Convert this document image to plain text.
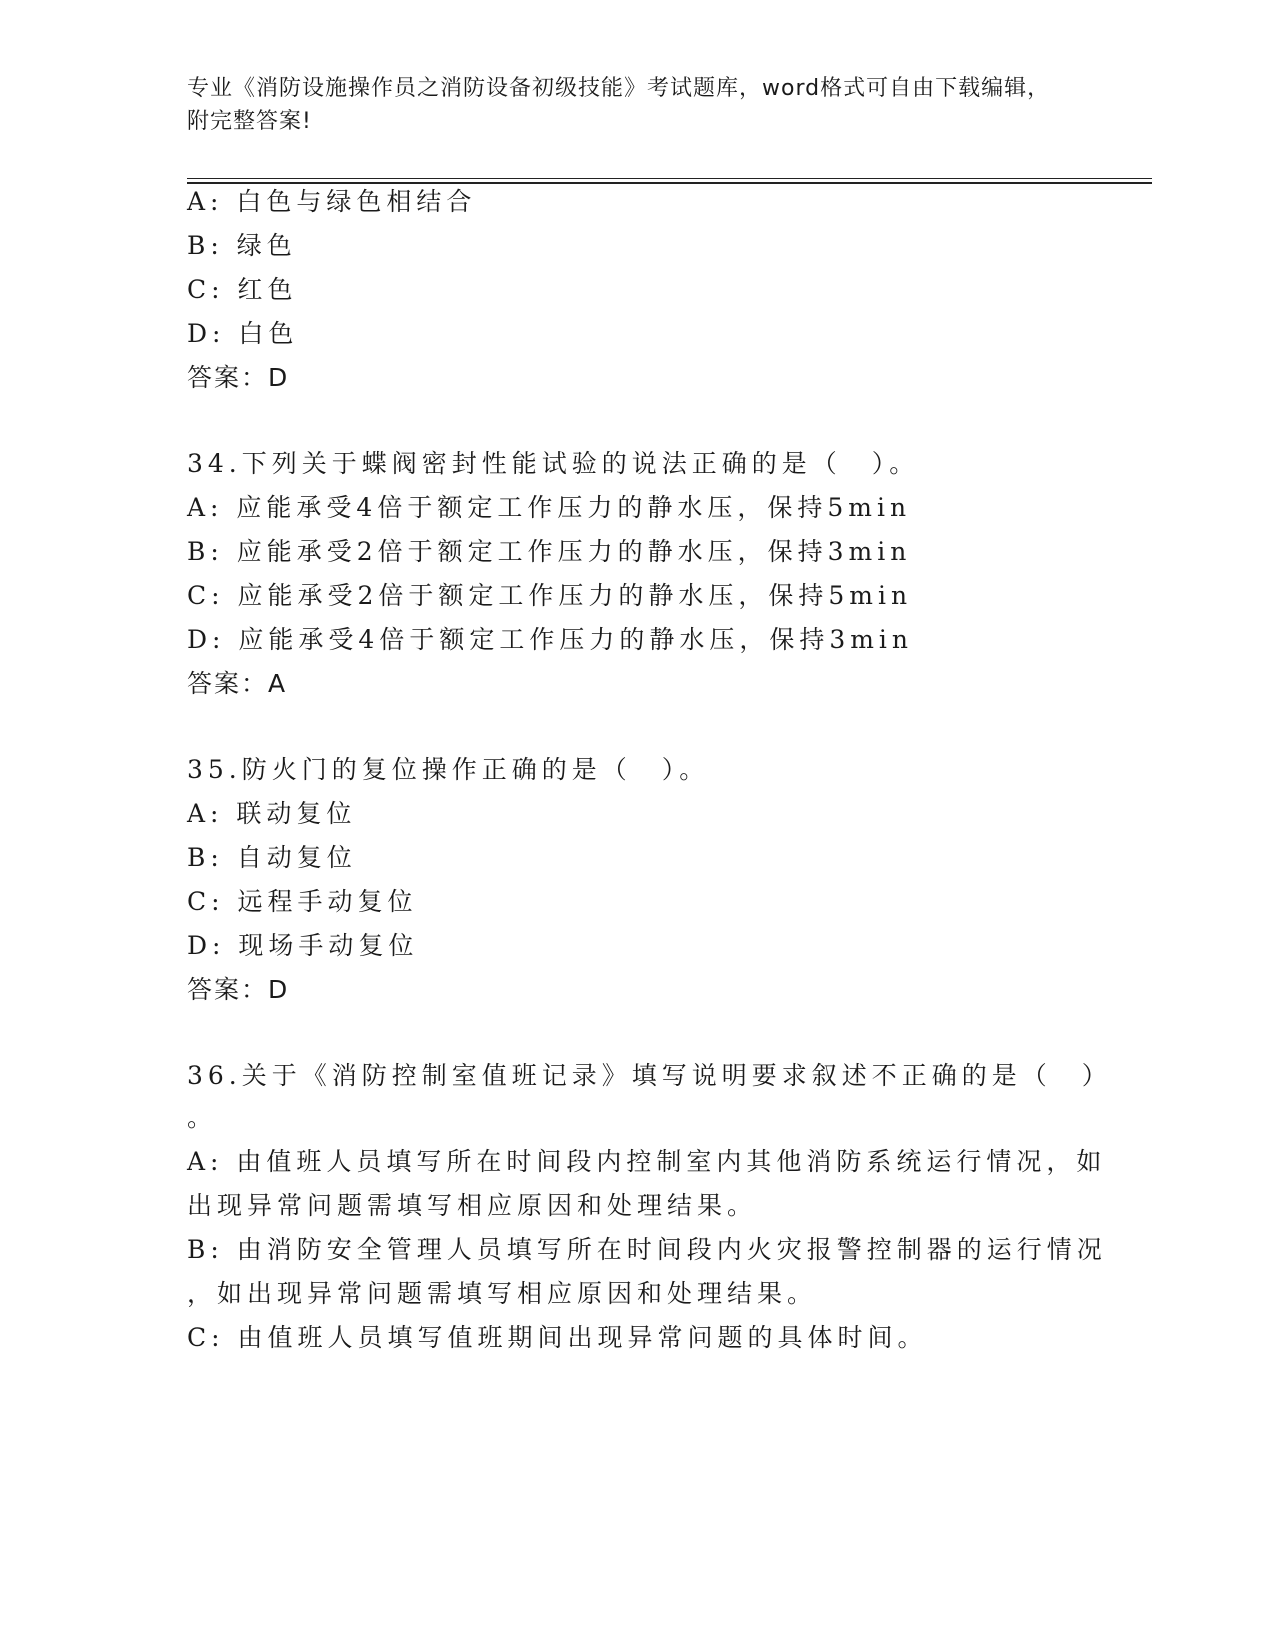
专业《消防设施操作员之消防设备初级技能》考试题库，word格式可自由下载编辑，附完整答案!
A: 白色与绿色相结合
B: 绿色
C: 红色
D: 白色
答案：D
34.下列关于蝶阀密封性能试验的说法正确的是（　）。
A: 应能承受4倍于额定工作压力的静水压，保持5min
B: 应能承受2倍于额定工作压力的静水压，保持3min
C: 应能承受2倍于额定工作压力的静水压，保持5min
D: 应能承受4倍于额定工作压力的静水压，保持3min
答案：A
35.防火门的复位操作正确的是（　）。
A: 联动复位
B: 自动复位
C: 远程手动复位
D: 现场手动复位
答案：D
36.关于《消防控制室值班记录》填写说明要求叙述不正确的是（　）
。
A: 由值班人员填写所在时间段内控制室内其他消防系统运行情况，如
出现异常问题需填写相应原因和处理结果。
B: 由消防安全管理人员填写所在时间段内火灾报警控制器的运行情况
，如出现异常问题需填写相应原因和处理结果。
C: 由值班人员填写值班期间出现异常问题的具体时间。
